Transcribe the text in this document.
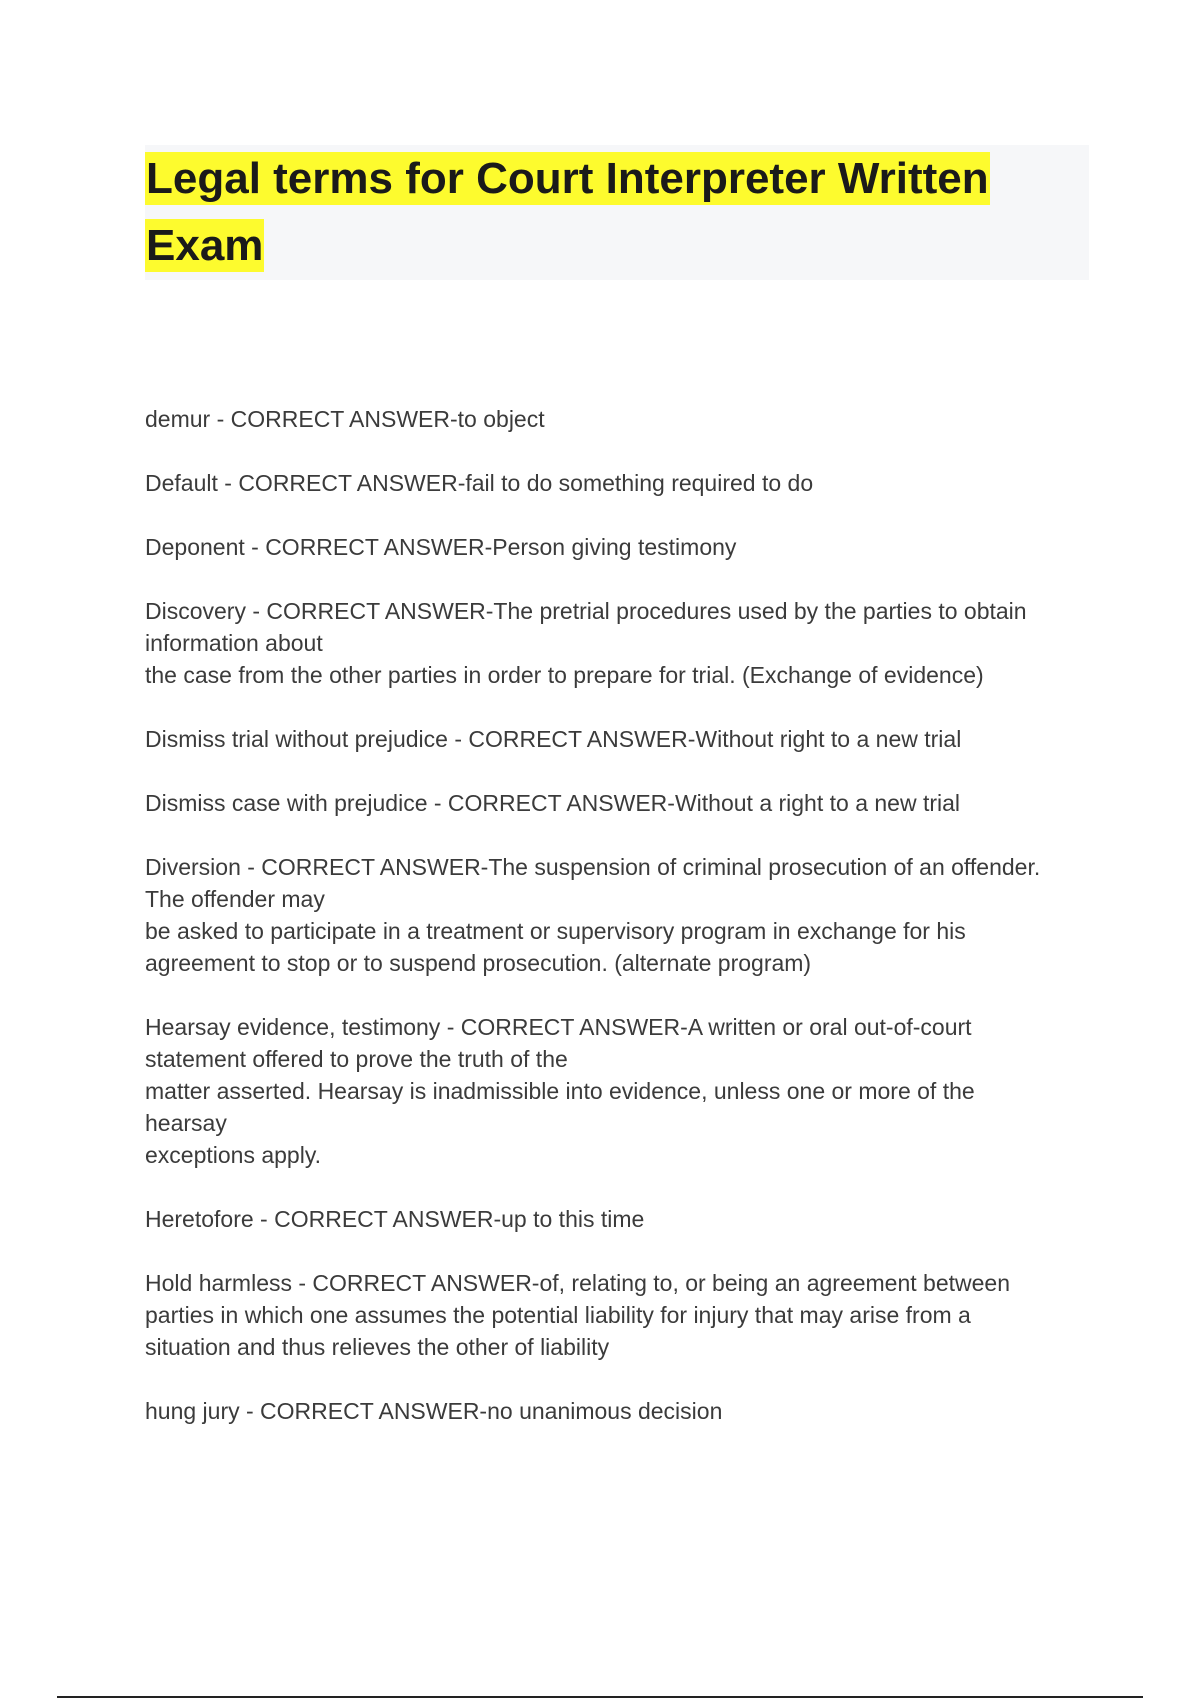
Legal terms for Court Interpreter Written
Exam

demur - CORRECT ANSWER-to object

Default - CORRECT ANSWER-fail to do something required to do

Deponent - CORRECT ANSWER-Person giving testimony

Discovery - CORRECT ANSWER-The pretrial procedures used by the parties to obtain
information about
the case from the other parties in order to prepare for trial. (Exchange of evidence)

Dismiss trial without prejudice - CORRECT ANSWER-Without right to a new trial

Dismiss case with prejudice - CORRECT ANSWER-Without a right to a new trial

Diversion - CORRECT ANSWER-The suspension of criminal prosecution of an offender.
The offender may
be asked to participate in a treatment or supervisory program in exchange for his
agreement to stop or to suspend prosecution. (alternate program)

Hearsay evidence, testimony - CORRECT ANSWER-A written or oral out-of-court
statement offered to prove the truth of the
matter asserted. Hearsay is inadmissible into evidence, unless one or more of the
hearsay
exceptions apply.

Heretofore - CORRECT ANSWER-up to this time

Hold harmless - CORRECT ANSWER-of, relating to, or being an agreement between
parties in which one assumes the potential liability for injury that may arise from a
situation and thus relieves the other of liability

hung jury - CORRECT ANSWER-no unanimous decision
